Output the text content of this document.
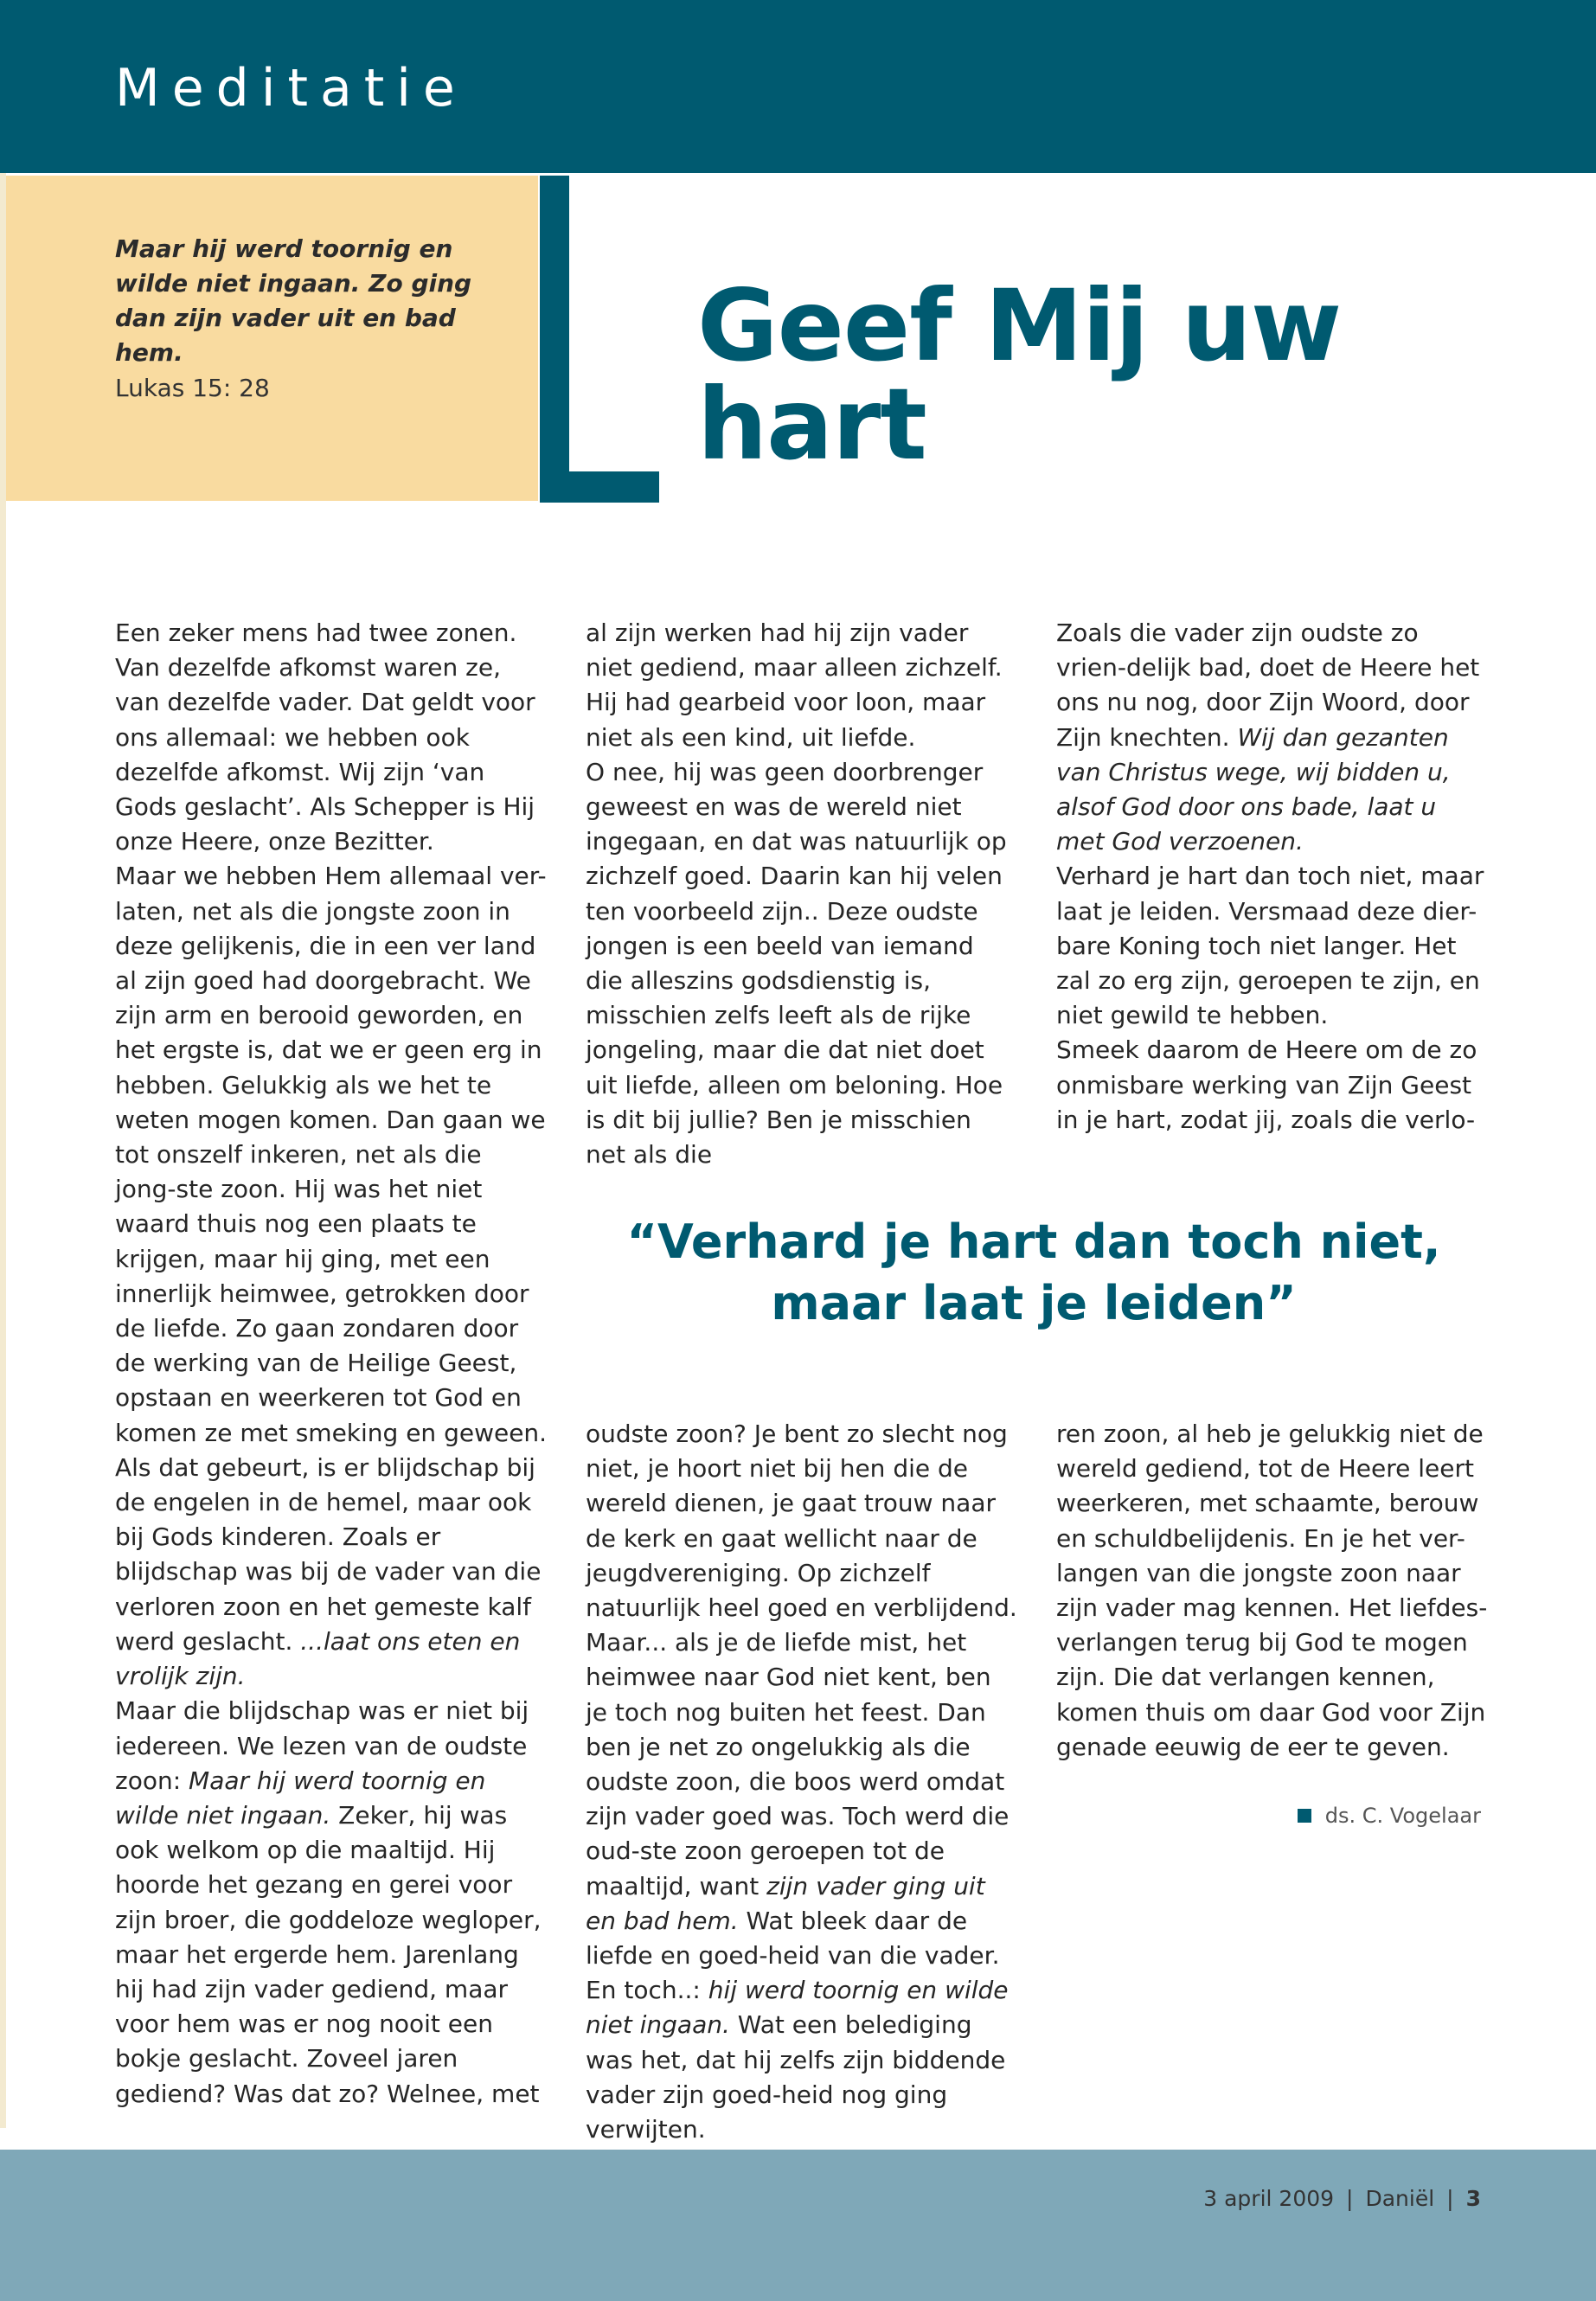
Meditatie

Maar hij werd toornig en wilde niet ingaan. Zo ging dan zijn vader uit en bad hem.

Lukas 15: 28
Geef Mij uw hart

Een zeker mens had twee zonen. Van dezelfde afkomst waren ze, van dezelfde vader. Dat geldt voor ons allemaal: we hebben ook dezelfde afkomst. Wij zijn ‘van Gods geslacht’. Als Schepper is Hij onze Heere, onze Bezitter.

Maar we hebben Hem allemaal ver-laten, net als die jongste zoon in deze gelijkenis, die in een ver land al zijn goed had doorgebracht. We zijn arm en berooid geworden, en het ergste is, dat we er geen erg in hebben. Gelukkig als we het te weten mogen komen. Dan gaan we tot onszelf inkeren, net als die jong-ste zoon. Hij was het niet waard thuis nog een plaats te krijgen, maar hij ging, met een innerlijk heimwee, getrokken door de liefde. Zo gaan zondaren door de werking van de Heilige Geest, opstaan en weerkeren tot God en komen ze met smeking en geween. Als dat gebeurt, is er blijdschap bij de engelen in de hemel, maar ook bij Gods kinderen. Zoals er blijdschap was bij de vader van die verloren zoon en het gemeste kalf werd geslacht. ...laat ons eten en vrolijk zijn.

Maar die blijdschap was er niet bij iedereen. We lezen van de oudste zoon: Maar hij werd toornig en wilde niet ingaan. Zeker, hij was ook welkom op die maaltijd. Hij hoorde het gezang en gerei voor zijn broer, die goddeloze wegloper, maar het ergerde hem. Jarenlang hij had zijn vader gediend, maar voor hem was er nog nooit een bokje geslacht. Zoveel jaren gediend? Was dat zo? Welnee, met

al zijn werken had hij zijn vader niet gediend, maar alleen zichzelf. Hij had gearbeid voor loon, maar niet als een kind, uit liefde.

O nee, hij was geen doorbrenger geweest en was de wereld niet ingegaan, en dat was natuurlijk op zichzelf goed. Daarin kan hij velen ten voorbeeld zijn.. Deze oudste jongen is een beeld van iemand die alleszins godsdienstig is, misschien zelfs leeft als de rijke jongeling, maar die dat niet doet uit liefde, alleen om beloning. Hoe is dit bij jullie? Ben je misschien net als die

Zoals die vader zijn oudste zo vrien-delijk bad, doet de Heere het ons nu nog, door Zijn Woord, door Zijn knechten. Wij dan gezanten van Christus wege, wij bidden u, alsof God door ons bade, laat u met God verzoenen.

Verhard je hart dan toch niet, maar laat je leiden. Versmaad deze dier-bare Koning toch niet langer. Het zal zo erg zijn, geroepen te zijn, en niet gewild te hebben.

Smeek daarom de Heere om de zo onmisbare werking van Zijn Geest in je hart, zodat jij, zoals die verlo-

“Verhard je hart dan toch niet,
maar laat je leiden”

oudste zoon? Je bent zo slecht nog niet, je hoort niet bij hen die de wereld dienen, je gaat trouw naar de kerk en gaat wellicht naar de jeugdvereniging. Op zichzelf natuurlijk heel goed en verblijdend. Maar... als je de liefde mist, het heimwee naar God niet kent, ben je toch nog buiten het feest. Dan ben je net zo ongelukkig als die oudste zoon, die boos werd omdat zijn vader goed was. Toch werd die oud-ste zoon geroepen tot de maaltijd, want zijn vader ging uit en bad hem. Wat bleek daar de liefde en goed-heid van die vader. En toch..: hij werd toornig en wilde niet ingaan. Wat een belediging was het, dat hij zelfs zijn biddende vader zijn goed-heid nog ging verwijten.

ren zoon, al heb je gelukkig niet de wereld gediend, tot de Heere leert weerkeren, met schaamte, berouw en schuldbelijdenis. En je het ver-langen van die jongste zoon naar zijn vader mag kennen. Het liefdes-verlangen terug bij God te mogen zijn. Die dat verlangen kennen, komen thuis om daar God voor Zijn genade eeuwig de eer te geven.

ds. C. Vogelaar
3 april 2009 | Daniël | 3
